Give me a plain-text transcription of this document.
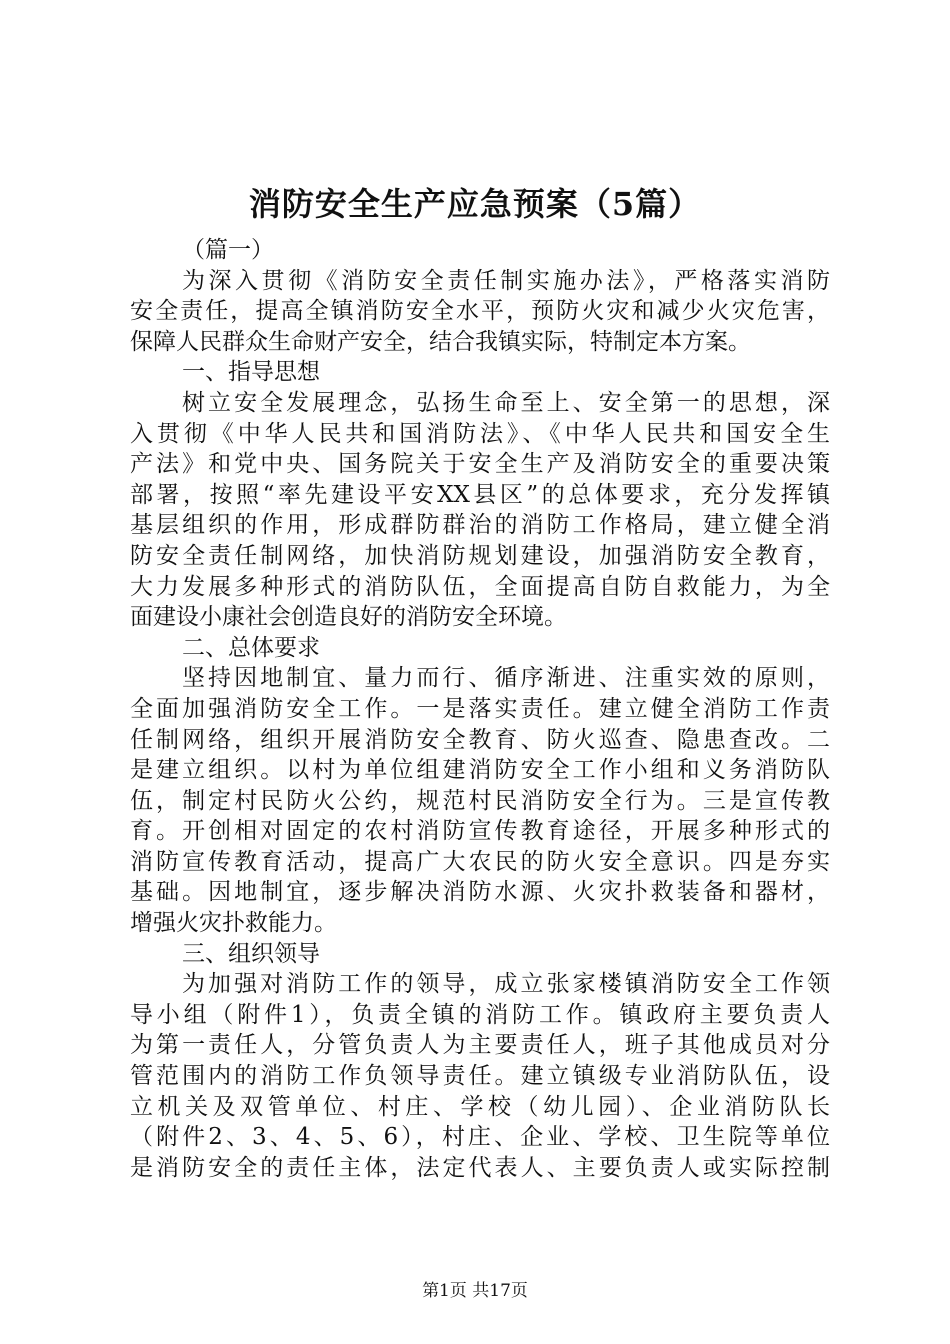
消防安全生产应急预案（5篇）
（篇一）
为深入贯彻《消防安全责任制实施办法》，严格落实消防
安全责任，提高全镇消防安全水平，预防火灾和减少火灾危害，
保障人民群众生命财产安全，结合我镇实际，特制定本方案。
一、指导思想
树立安全发展理念，弘扬生命至上、安全第一的思想，深
入贯彻《中华人民共和国消防法》、《中华人民共和国安全生
产法》和党中央、国务院关于安全生产及消防安全的重要决策
部署，按照“率先建设平安XX县区”的总体要求，充分发挥镇
基层组织的作用，形成群防群治的消防工作格局，建立健全消
防安全责任制网络，加快消防规划建设，加强消防安全教育，
大力发展多种形式的消防队伍，全面提高自防自救能力，为全
面建设小康社会创造良好的消防安全环境。
二、总体要求
坚持因地制宜、量力而行、循序渐进、注重实效的原则，
全面加强消防安全工作。一是落实责任。建立健全消防工作责
任制网络，组织开展消防安全教育、防火巡查、隐患查改。二
是建立组织。以村为单位组建消防安全工作小组和义务消防队
伍，制定村民防火公约，规范村民消防安全行为。三是宣传教
育。开创相对固定的农村消防宣传教育途径，开展多种形式的
消防宣传教育活动，提高广大农民的防火安全意识。四是夯实
基础。因地制宜，逐步解决消防水源、火灾扑救装备和器材，
增强火灾扑救能力。
三、组织领导
为加强对消防工作的领导，成立张家楼镇消防安全工作领
导小组（附件1），负责全镇的消防工作。镇政府主要负责人
为第一责任人，分管负责人为主要责任人，班子其他成员对分
管范围内的消防工作负领导责任。建立镇级专业消防队伍，设
立机关及双管单位、村庄、学校（幼儿园）、企业消防队长
（附件2、3、4、5、6），村庄、企业、学校、卫生院等单位
是消防安全的责任主体，法定代表人、主要负责人或实际控制
第1页 共17页
